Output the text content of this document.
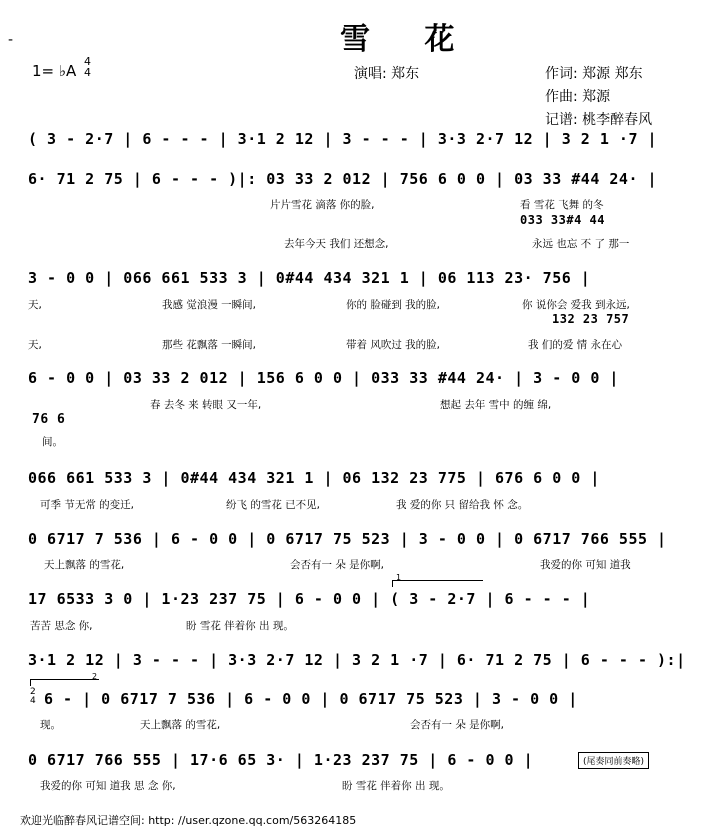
-	雪 花
1= ♭A
4
4	演唱: 郑东	作词: 郑源 郑东
作曲: 郑源
记谱: 桃李醉春风
( 3 - 2·7 | 6 - - - | 3·1 2 12 | 3 - - - | 3·3 2·7 12 | 3 2 1 ·7 |
6· 71 2 75 | 6 - - - )|: 03 33 2 012 | 756 6 0 0 | 03 33 #44 24· |
片片雪花 滴落 你的脸,	看 雪花 飞舞 的冬
033 33#4 44
去年今天 我们 还想念,	永远 也忘 不 了 那一
3 - 0 0 | 066 661 533 3 | 0#44 434 321 1 | 06 113 23· 756 |
天,	我感 觉浪漫 一瞬间,	你的 脸碰到 我的脸,	你 说你会 爱我 到永远,
132 23 757
天,	那些 花飘落 一瞬间,	带着 风吹过 我的脸,	我 们的爱 情 永在心
6 - 0 0 | 03 33 2 012 | 156 6 0 0 | 033 33 #44 24· | 3 - 0 0 |
春 去冬 来 转眼 又一年,	想起 去年 雪中 的缠 绵,
76 6
间。
066 661 533 3 | 0#44 434 321 1 | 06 132 23 775 | 676 6 0 0 |
可季 节无常 的变迁,	纷飞 的雪花 已不见,	我 爱的你 只 留给我 怀 念。
0 6717 7 536 | 6 - 0 0 | 0 6717 75 523 | 3 - 0 0 | 0 6717 766 555 |
天上飘落 的雪花,	会否有一 朵 是你啊,	我爱的你 可知 道我
1
17 6533 3 0 | 1·23 237 75 | 6 - 0 0 | ( 3 - 2·7 | 6 - - - |
苦苦 思念 你,	盼 雪花 伴着你 出 现。
3·1 2 12 | 3 - - - | 3·3 2·7 12 | 3 2 1 ·7 | 6· 71 2 75 | 6 - - - ):|
2
2
4 6 - | 0 6717 7 536 | 6 - 0 0 | 0 6717 75 523 | 3 - 0 0 |
现。	天上飘落 的雪花,	会否有一 朵 是你啊,
0 6717 766 555 | 17·6 65 3· | 1·23 237 75 | 6 - 0 0 |	(尾奏同前奏略)
我爱的你 可知 道我 思 念 你,	盼 雪花 伴着你 出 现。
欢迎光临醉春风记谱空间: http: //user.qzone.qq.com/563264185
